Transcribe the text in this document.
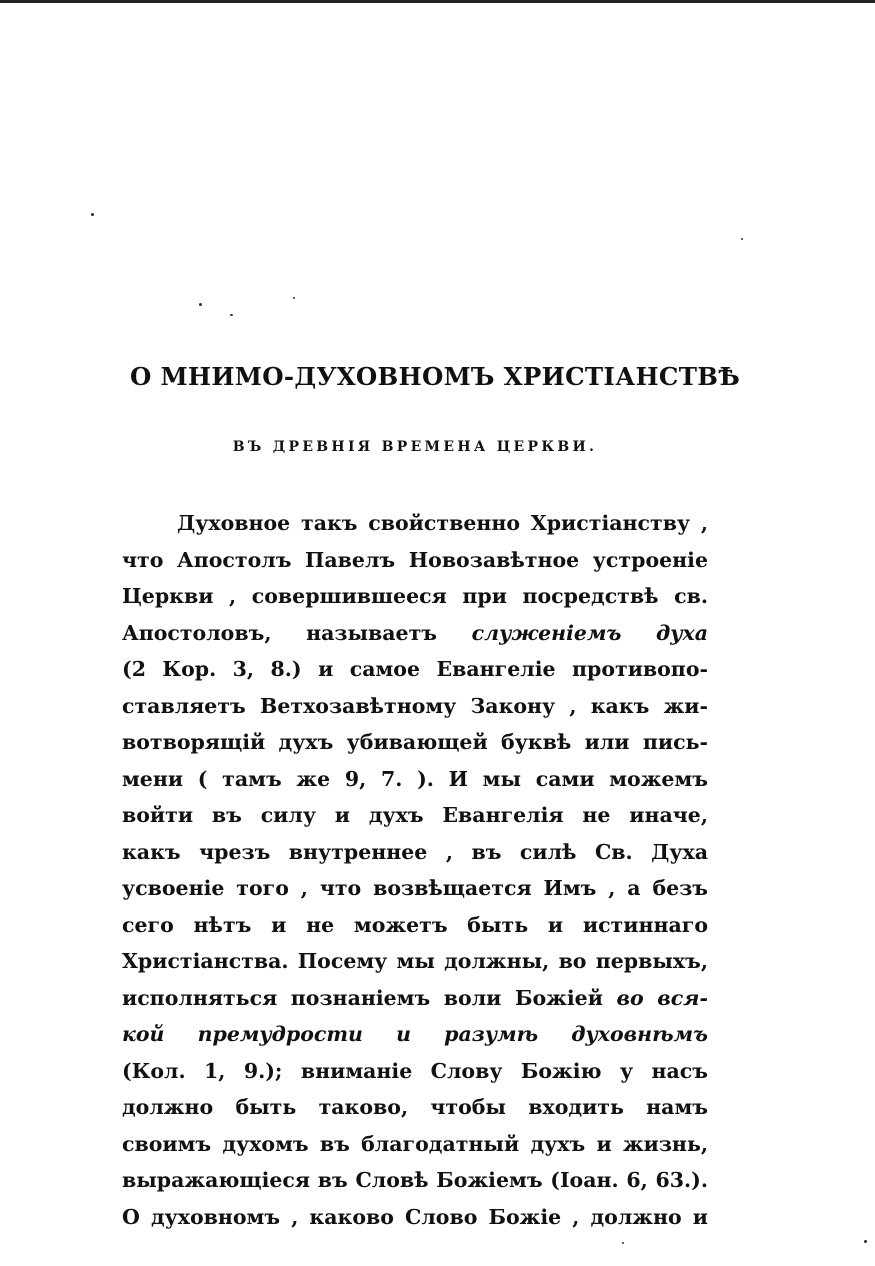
О МНИМО-ДУХОВНОМЪ ХРИСТІАНСТВѢ
ВЪ ДРЕВНІЯ ВРЕМЕНА ЦЕРКВИ.
Духовное такъ свойственно Христіанству ,
что Апостолъ Павелъ Новозавѣтное устроеніе
Церкви , совершившееся при посредствѣ св.
Апостоловъ, называетъ служеніемъ духа
(2 Кор. 3, 8.) и самое Евангеліе противопо-
ставляетъ Ветхозавѣтному Закону , какъ жи-
вотворящій духъ убивающей буквѣ или пись-
мени ( тамъ же 9, 7. ). И мы сами можемъ
войти въ силу и духъ Евангелія не иначе,
какъ чрезъ внутреннее , въ силѣ Св. Духа
усвоеніе того , что возвѣщается Имъ , а безъ
сего нѣтъ и не можетъ быть и истиннаго
Христіанства. Посему мы должны, во первыхъ,
исполняться познаніемъ воли Божіей во вся-
кой премудрости и разумѣ духовнѣмъ
(Кол. 1, 9.); вниманіе Слову Божію у насъ
должно быть таково, чтобы входить намъ
своимъ духомъ въ благодатный духъ и жизнь,
выражающіеся въ Словѣ Божіемъ (Іоан. 6, 63.).
О духовномъ , каково Слово Божіе , должно и
